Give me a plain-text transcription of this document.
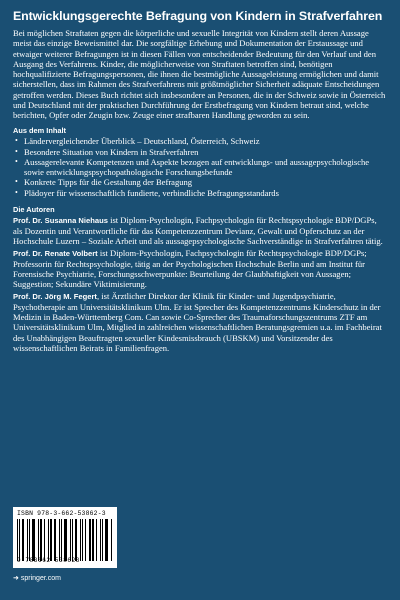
Entwicklungsgerechte Befragung von Kindern in Strafverfahren

Bei möglichen Straftaten gegen die körperliche und sexuelle Integrität von Kindern stellt deren Aussage meist das einzige Beweismittel dar. Die sorgfältige Erhebung und Dokumentation der Erstaussage und etwaiger weiterer Befragungen ist in diesen Fällen von entscheidender Bedeutung für den Verlauf und den Ausgang des Verfahrens. Kinder, die möglicherweise von Straftaten betroffen sind, benötigen hochqualifizierte Befragungspersonen, die ihnen die bestmögliche Aussageleistung ermöglichen und damit sicherstellen, dass im Rahmen des Strafverfahrens mit größtmöglicher Sicherheit adäquate Entscheidungen getroffen werden. Dieses Buch richtet sich insbesondere an Personen, die in der Schweiz sowie in Österreich und Deutschland mit der praktischen Durchführung der Erstbefragung von Kindern betraut sind, welche berichten, Opfer oder Zeugin bzw. Zeuge einer strafbaren Handlung geworden zu sein.

Aus dem Inhalt
• Ländervergleichender Überblick – Deutschland, Österreich, Schweiz
• Besondere Situation von Kindern in Strafverfahren
• Aussagerelevante Kompetenzen und Aspekte bezogen auf entwicklungs- und aussagepsychologische sowie entwicklungspsychopathologische Forschungsbefunde
• Konkrete Tipps für die Gestaltung der Befragung
• Plädoyer für wissenschaftlich fundierte, verbindliche Befragungsstandards
Die Autoren

Prof. Dr. Susanna Niehaus ist Diplom-Psychologin, Fachpsychologin für Rechtspsychologie BDP/DGPs, als Dozentin und Verantwortliche für das Kompetenzzentrum Devianz, Gewalt und Opferschutz an der Hochschule Luzern – Soziale Arbeit und als aussagepsychologische Sachverständige in Strafverfahren tätig.

Prof. Dr. Renate Volbert ist Diplom-Psychologin, Fachpsychologin für Rechtspsychologie BDP/DGPs; Professorin für Rechtspsychologie, tätig an der Psychologischen Hochschule Berlin und am Institut für Forensische Psychiatrie, Forschungsschwerpunkte: Beurteilung der Glaubhaftigkeit von Aussagen; Suggestion; Sekundäre Viktimisierung.

Prof. Dr. Jörg M. Fegert, ist Ärztlicher Direktor der Klinik für Kinder- und Jugendpsychiatrie, Psychotherapie am Universitätsklinikum Ulm. Er ist Sprecher des Kompetenzzentrums Kinderschutz in der Medizin in Baden-Württemberg Com. Can sowie Co-Sprecher des Traumaforschungszentrums ZTF am Universitätsklinikum Ulm, Mitglied in zahlreichen wissenschaftlichen Beratungsgremien u.a. im Fachbeirat des Unabhängigen Beauftragten sexueller Kindesmissbrauch (UBSKM) und Vorsitzender des wissenschaftlichen Beirats in Familienfragen.

ISBN 978-3-662-53862-3
9 783662 538623
➜ springer.com
